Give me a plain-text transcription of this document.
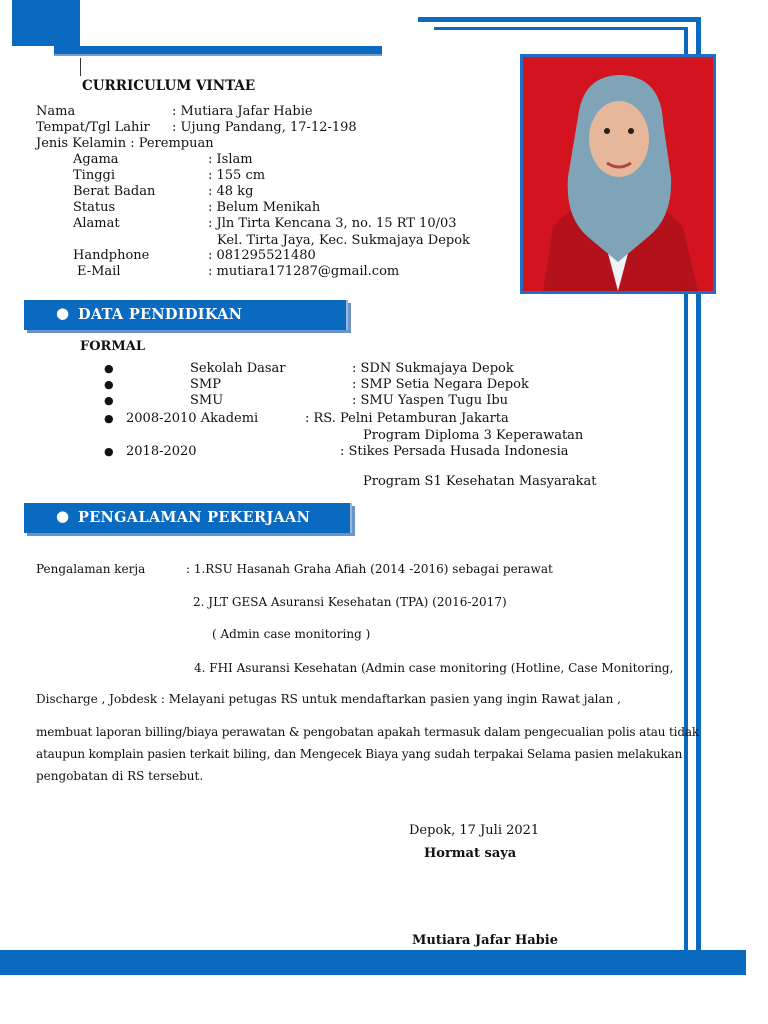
CURRICULUM VINTAE
Nama	: Mutiara Jafar Habie
Tempat/Tgl Lahir : Ujung Pandang, 17-12-198
Jenis Kelamin : Perempuan
Agama	: Islam
Tinggi	: 155 cm
Berat Badan	: 48 kg
Status	: Belum Menikah
Alamat	: Jln Tirta Kencana 3, no. 15 RT 10/03
Kel. Tirta Jaya, Kec. Sukmajaya Depok
Handphone	: 081295521480
E-Mail	: mutiara171287@gmail.com
● DATA PENDIDIKAN
FORMAL
●	Sekolah Dasar	: SDN Sukmajaya Depok
●	SMP	: SMP Setia Negara Depok
●	SMU	: SMU Yaspen Tugu Ibu
● 2008-2010 Akademi	: RS. Pelni Petamburan Jakarta
Program Diploma 3 Keperawatan
● 2018-2020	: Stikes Persada Husada Indonesia
Program S1 Kesehatan Masyarakat
● PENGALAMAN PEKERJAAN
Pengalaman kerja	: 1.RSU Hasanah Graha Afiah (2014 -2016) sebagai perawat
2. JLT GESA Asuransi Kesehatan (TPA) (2016-2017)
( Admin case monitoring )
4. FHI Asuransi Kesehatan (Admin case monitoring (Hotline, Case Monitoring,
Discharge , Jobdesk : Melayani petugas RS untuk mendaftarkan pasien yang ingin Rawat jalan ,
membuat laporan billing/biaya perawatan & pengobatan apakah termasuk dalam pengecualian polis atau tidak
ataupun komplain pasien terkait biling, dan Mengecek Biaya yang sudah terpakai Selama pasien melakukan
pengobatan di RS tersebut.
Depok, 17 Juli 2021
Hormat saya
Mutiara Jafar Habie
